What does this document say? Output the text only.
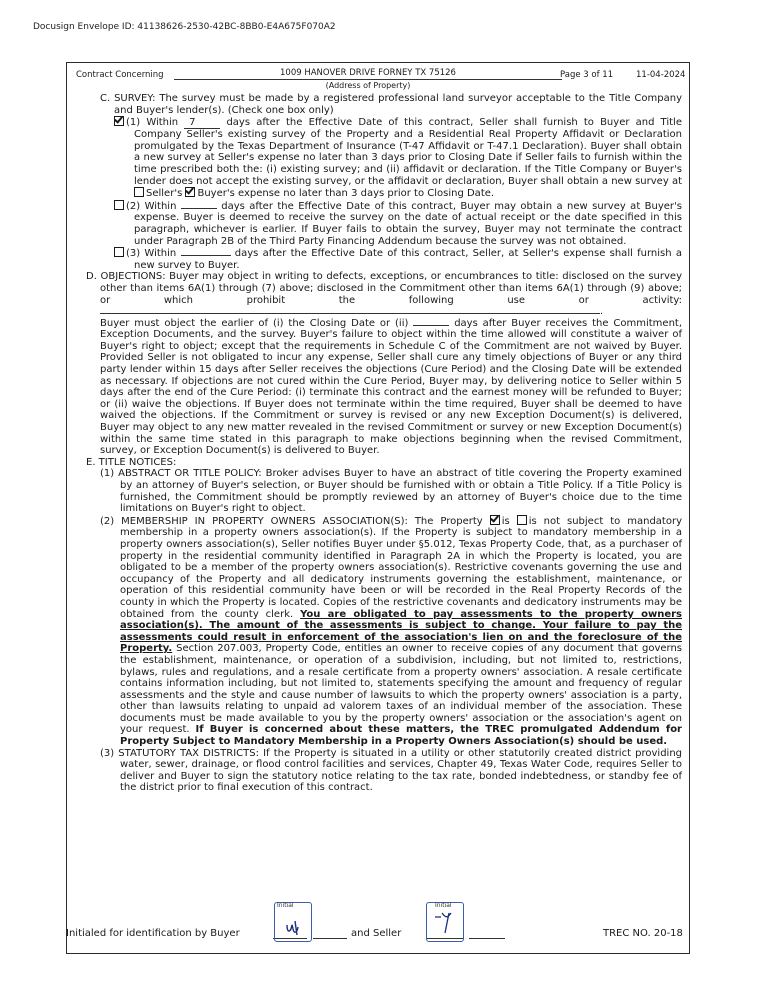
Docusign Envelope ID: 41138626-2530-42BC-8BB0-E4A675F070A2
Contract Concerning	1009 HANOVER DRIVE FORNEY TX 75126
(Address of Property)
Page 3 of 11	11-04-2024

C. SURVEY: The survey must be made by a registered professional land surveyor acceptable to the Title Company and Buyer's lender(s). (Check one box only)

(1) Within 7	days after the Effective Date of this contract, Seller shall furnish to Buyer and Title Company Seller's existing survey of the Property and a Residential Real Property Affidavit or Declaration promulgated by the Texas Department of Insurance (T-47 Affidavit or T-47.1 Declaration). Buyer shall obtain a new survey at Seller's expense no later than 3 days prior to Closing Date if Seller fails to furnish within the time prescribed both the: (i) existing survey; and (ii) affidavit or declaration. If the Title Company or Buyer's lender does not accept the existing survey, or the affidavit or declaration, Buyer shall obtain a new survey at Seller's Buyer's expense no later than 3 days prior to Closing Date.

(2) Within	days after the Effective Date of this contract, Buyer may obtain a new survey at Buyer's expense. Buyer is deemed to receive the survey on the date of actual receipt or the date specified in this paragraph, whichever is earlier. If Buyer fails to obtain the survey, Buyer may not terminate the contract under Paragraph 2B of the Third Party Financing Addendum because the survey was not obtained.

(3) Within	days after the Effective Date of this contract, Seller, at Seller's expense shall furnish a new survey to Buyer.

D. OBJECTIONS: Buyer may object in writing to defects, exceptions, or encumbrances to title: disclosed on the survey other than items 6A(1) through (7) above; disclosed in the Commitment other than items 6A(1) through (9) above; or which prohibit the following use or activity: .

Buyer must object the earlier of (i) the Closing Date or (ii)	days after Buyer receives the Commitment, Exception Documents, and the survey. Buyer's failure to object within the time allowed will constitute a waiver of Buyer's right to object; except that the requirements in Schedule C of the Commitment are not waived by Buyer. Provided Seller is not obligated to incur any expense, Seller shall cure any timely objections of Buyer or any third party lender within 15 days after Seller receives the objections (Cure Period) and the Closing Date will be extended as necessary. If objections are not cured within the Cure Period, Buyer may, by delivering notice to Seller within 5 days after the end of the Cure Period: (i) terminate this contract and the earnest money will be refunded to Buyer; or (ii) waive the objections. If Buyer does not terminate within the time required, Buyer shall be deemed to have waived the objections. If the Commitment or survey is revised or any new Exception Document(s) is delivered, Buyer may object to any new matter revealed in the revised Commitment or survey or new Exception Document(s) within the same time stated in this paragraph to make objections beginning when the revised Commitment, survey, or Exception Document(s) is delivered to Buyer.

E. TITLE NOTICES:

(1) ABSTRACT OR TITLE POLICY: Broker advises Buyer to have an abstract of title covering the Property examined by an attorney of Buyer's selection, or Buyer should be furnished with or obtain a Title Policy. If a Title Policy is furnished, the Commitment should be promptly reviewed by an attorney of Buyer's choice due to the time limitations on Buyer's right to object.

(2) MEMBERSHIP IN PROPERTY OWNERS ASSOCIATION(S): The Property is is not subject to mandatory membership in a property owners association(s). If the Property is subject to mandatory membership in a property owners association(s), Seller notifies Buyer under §5.012, Texas Property Code, that, as a purchaser of property in the residential community identified in Paragraph 2A in which the Property is located, you are obligated to be a member of the property owners association(s). Restrictive covenants governing the use and occupancy of the Property and all dedicatory instruments governing the establishment, maintenance, or operation of this residential community have been or will be recorded in the Real Property Records of the county in which the Property is located. Copies of the restrictive covenants and dedicatory instruments may be obtained from the county clerk. You are obligated to pay assessments to the property owners association(s). The amount of the assessments is subject to change. Your failure to pay the assessments could result in enforcement of the association's lien on and the foreclosure of the Property. Section 207.003, Property Code, entitles an owner to receive copies of any document that governs the establishment, maintenance, or operation of a subdivision, including, but not limited to, restrictions, bylaws, rules and regulations, and a resale certificate from a property owners' association. A resale certificate contains information including, but not limited to, statements specifying the amount and frequency of regular assessments and the style and cause number of lawsuits to which the property owners' association is a party, other than lawsuits relating to unpaid ad valorem taxes of an individual member of the association. These documents must be made available to you by the property owners' association or the association's agent on your request. If Buyer is concerned about these matters, the TREC promulgated Addendum for Property Subject to Mandatory Membership in a Property Owners Association(s) should be used.

(3) STATUTORY TAX DISTRICTS: If the Property is situated in a utility or other statutorily created district providing water, sewer, drainage, or flood control facilities and services, Chapter 49, Texas Water Code, requires Seller to deliver and Buyer to sign the statutory notice relating to the tax rate, bonded indebtedness, or standby fee of the district prior to final execution of this contract.

Initialed for identification by Buyer	and Seller	TREC NO. 20-18
Initial	Initial
